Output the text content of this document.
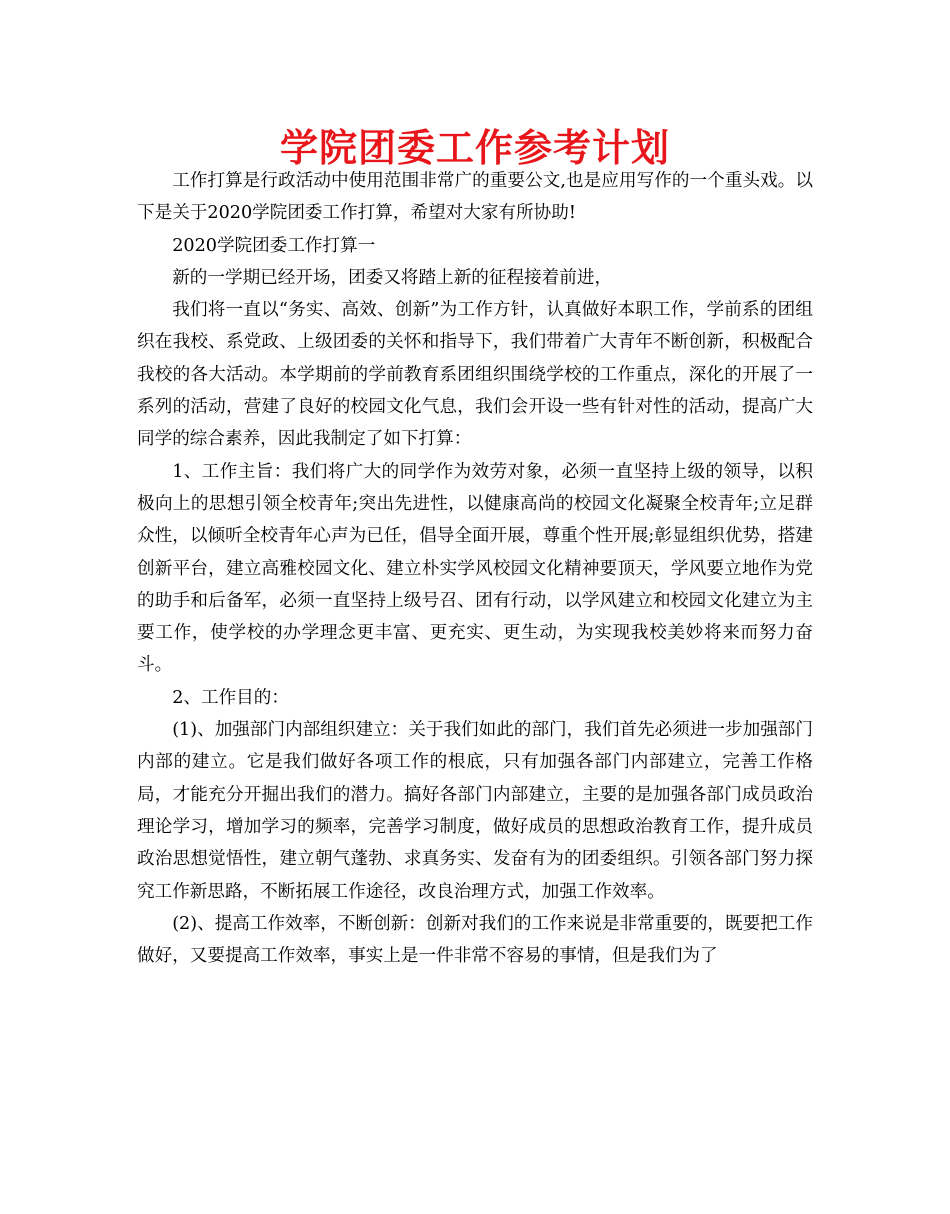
学院团委工作参考计划

工作打算是行政活动中使用范围非常广的重要公文,也是应用写作的一个重头戏。以下是关于2020学院团委工作打算，希望对大家有所协助!

2020学院团委工作打算一

新的一学期已经开场，团委又将踏上新的征程接着前进，

我们将一直以“务实、高效、创新”为工作方针，认真做好本职工作，学前系的团组织在我校、系党政、上级团委的关怀和指导下，我们带着广大青年不断创新，积极配合我校的各大活动。本学期前的学前教育系团组织围绕学校的工作重点，深化的开展了一系列的活动，营建了良好的校园文化气息，我们会开设一些有针对性的活动，提高广大同学的综合素养，因此我制定了如下打算：

1、工作主旨：我们将广大的同学作为效劳对象，必须一直坚持上级的领导，以积极向上的思想引领全校青年;突出先进性，以健康高尚的校园文化凝聚全校青年;立足群众性，以倾听全校青年心声为已任，倡导全面开展，尊重个性开展;彰显组织优势，搭建创新平台，建立高雅校园文化、建立朴实学风校园文化精神要顶天，学风要立地作为党的助手和后备军，必须一直坚持上级号召、团有行动，以学风建立和校园文化建立为主要工作，使学校的办学理念更丰富、更充实、更生动，为实现我校美妙将来而努力奋斗。

2、工作目的：

(1)、加强部门内部组织建立：关于我们如此的部门，我们首先必须进一步加强部门内部的建立。它是我们做好各项工作的根底，只有加强各部门内部建立，完善工作格局，才能充分开掘出我们的潜力。搞好各部门内部建立，主要的是加强各部门成员政治理论学习，增加学习的频率，完善学习制度，做好成员的思想政治教育工作，提升成员政治思想觉悟性，建立朝气蓬勃、求真务实、发奋有为的团委组织。引领各部门努力探究工作新思路，不断拓展工作途径，改良治理方式，加强工作效率。

(2)、提高工作效率，不断创新：创新对我们的工作来说是非常重要的，既要把工作做好，又要提高工作效率，事实上是一件非常不容易的事情，但是我们为了
